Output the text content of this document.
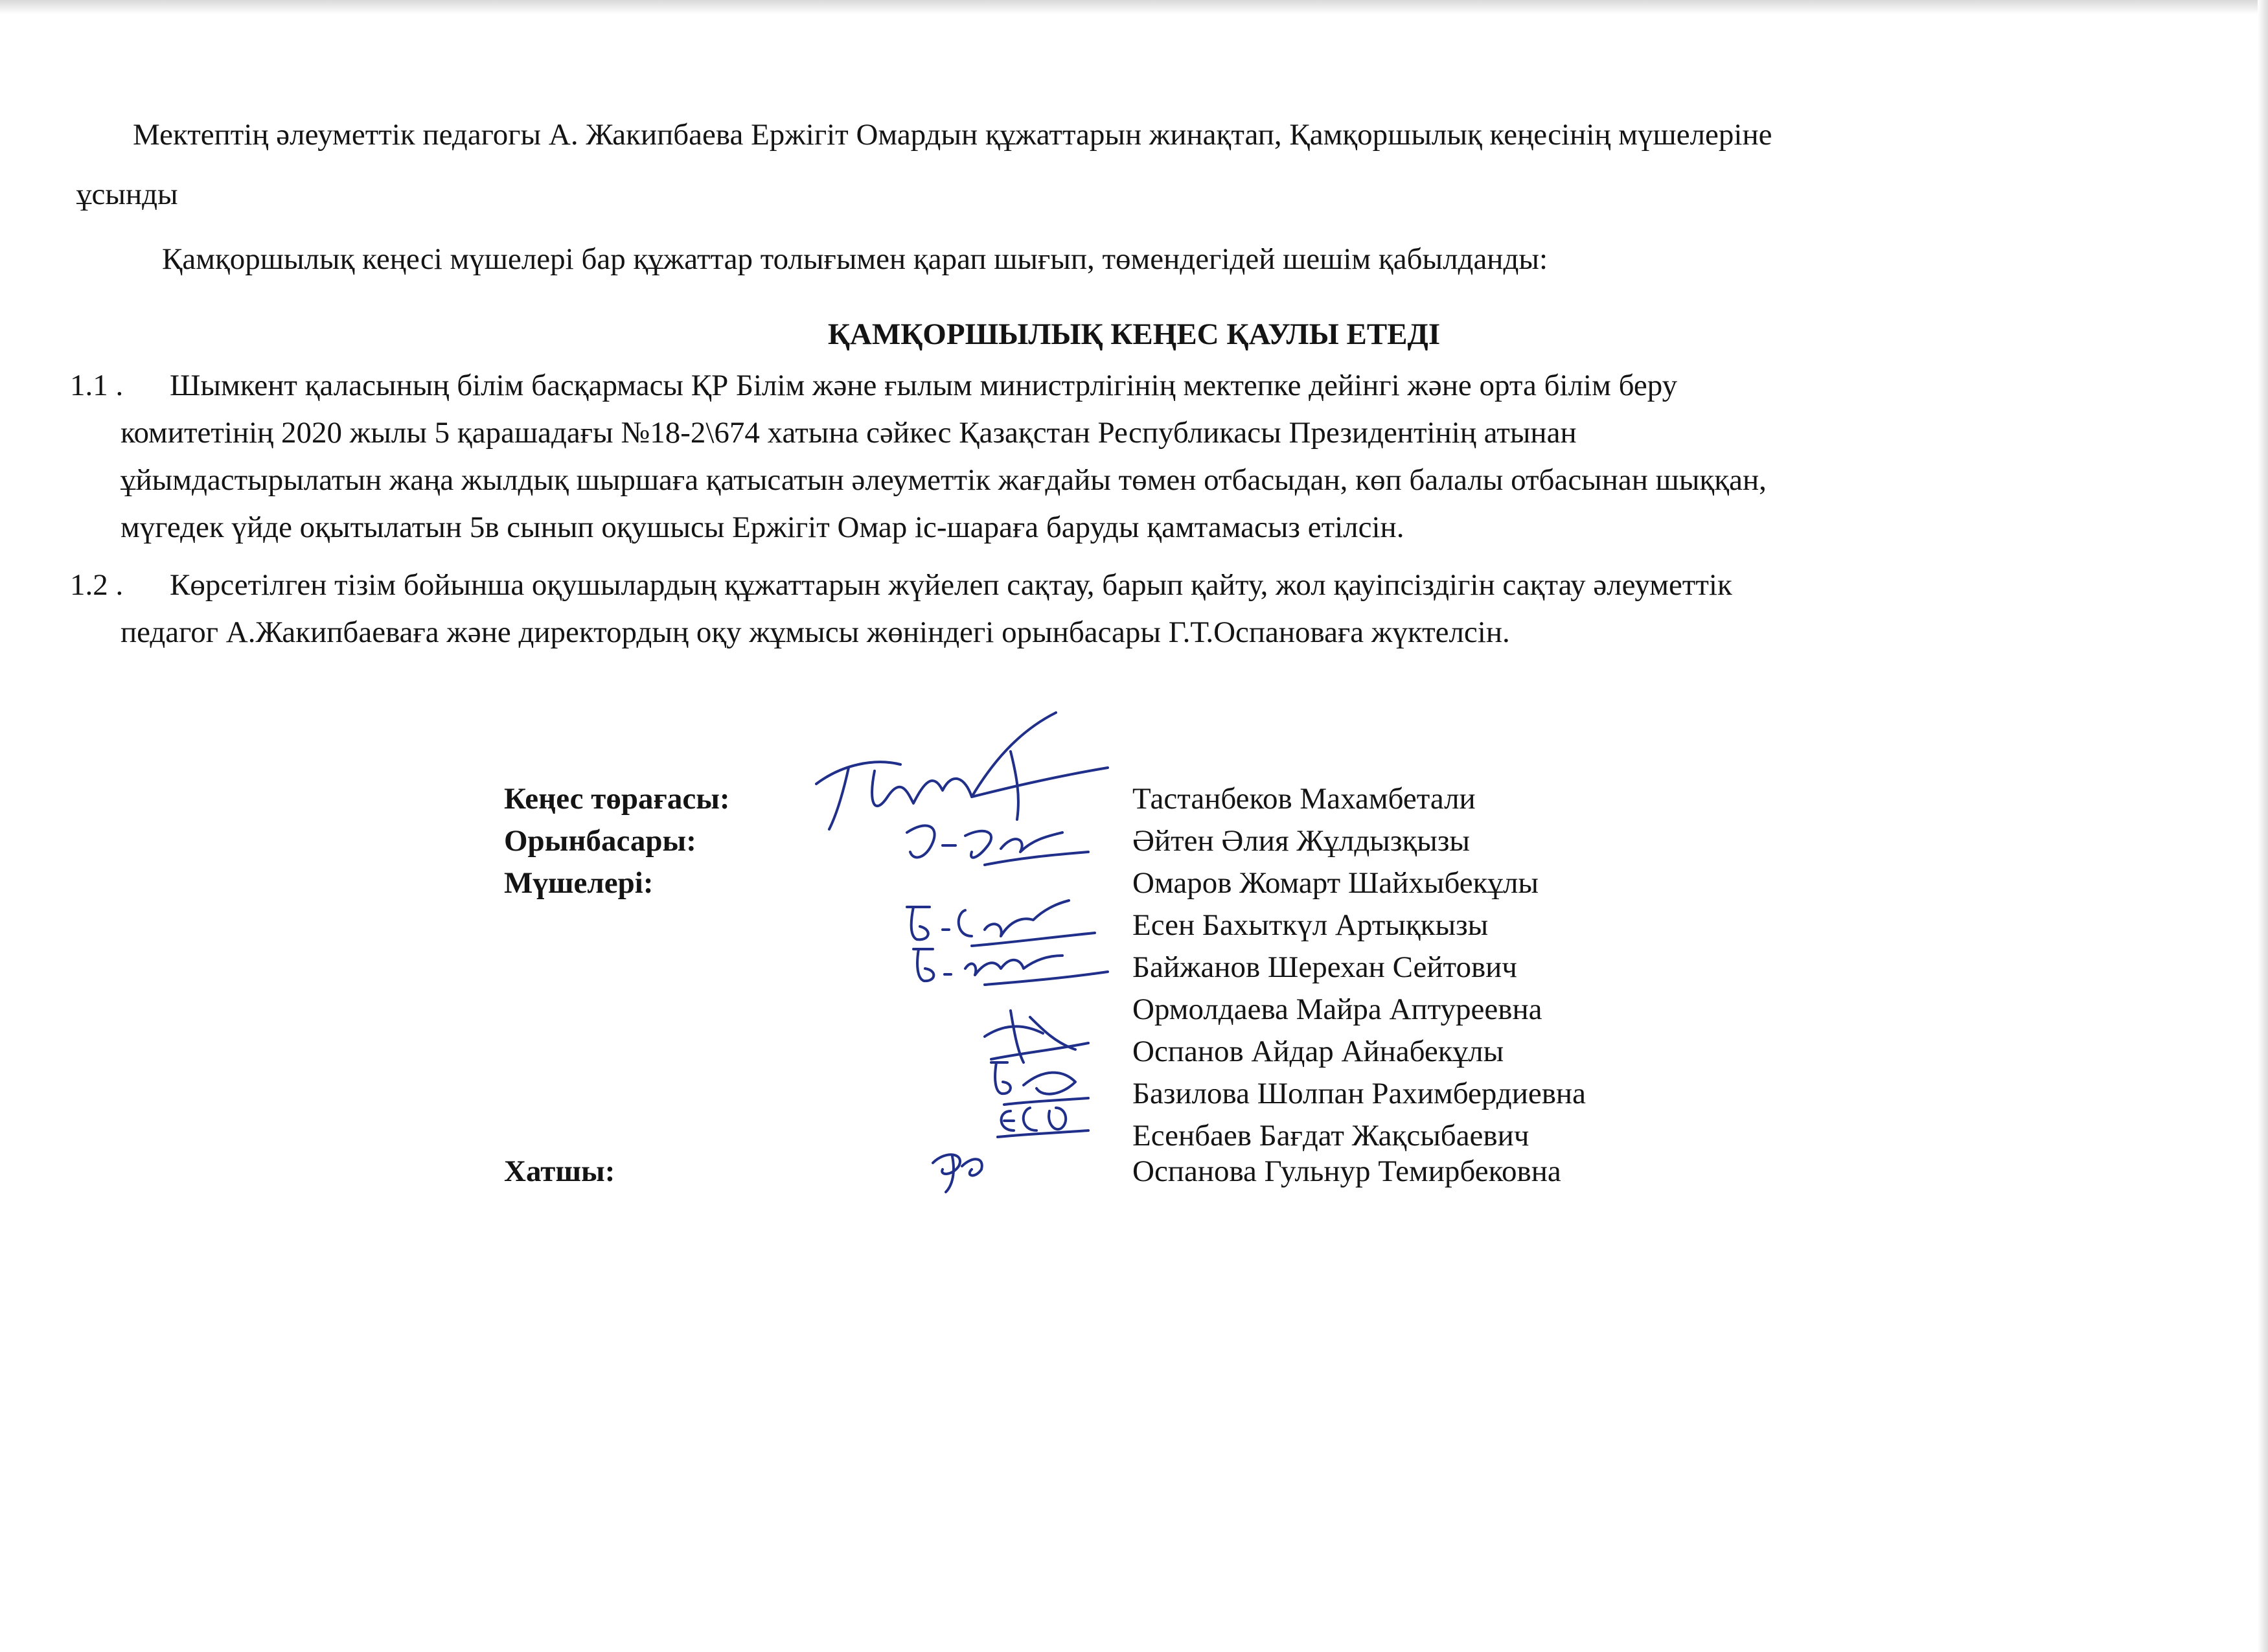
Мектептің әлеуметтік педагогы А. Жакипбаева Ержігіт Омардын құжаттарын жинақтап, Қамқоршылық кеңесінің мүшелеріне
ұсынды
Қамқоршылық кеңесі мүшелері бар құжаттар толығымен қарап шығып, төмендегідей шешім қабылданды:
ҚАМҚОРШЫЛЫҚ КЕҢЕС ҚАУЛЫ ЕТЕДІ
1.1 . Шымкент қаласының білім басқармасы ҚР Білім және ғылым министрлігінің мектепке дейінгі және орта білім беру
комитетінің 2020 жылы 5 қарашадағы №18-2\674 хатына сәйкес Қазақстан Республикасы Президентінің атынан
ұйымдастырылатын жаңа жылдық шыршаға қатысатын әлеуметтік жағдайы төмен отбасыдан, көп балалы отбасынан шыққан,
мүгедек үйде оқытылатын 5в сынып оқушысы Ержігіт Омар іс-шараға баруды қамтамасыз етілсін.
1.2 . Көрсетілген тізім бойынша оқушылардың құжаттарын жүйелеп сақтау, барып қайту, жол қауіпсіздігін сақтау әлеуметтік
педагог А.Жакипбаеваға және директордың оқу жұмысы жөніндегі орынбасары Г.Т.Оспановаға жүктелсін.
Кеңес төрағасы:
Орынбасары:
Мүшелері:
Хатшы:
Тастанбеков Махамбетали
Әйтен Әлия Жұлдызқызы
Омаров Жомарт Шайхыбекұлы
Есен Бахыткүл Артықкызы
Байжанов Шерехан Сейтович
Ормолдаева Майра Аптуреевна
Оспанов Айдар Айнабекұлы
Базилова Шолпан Рахимбердиевна
Есенбаев Бағдат Жақсыбаевич
Оспанова Гульнур Темирбековна
